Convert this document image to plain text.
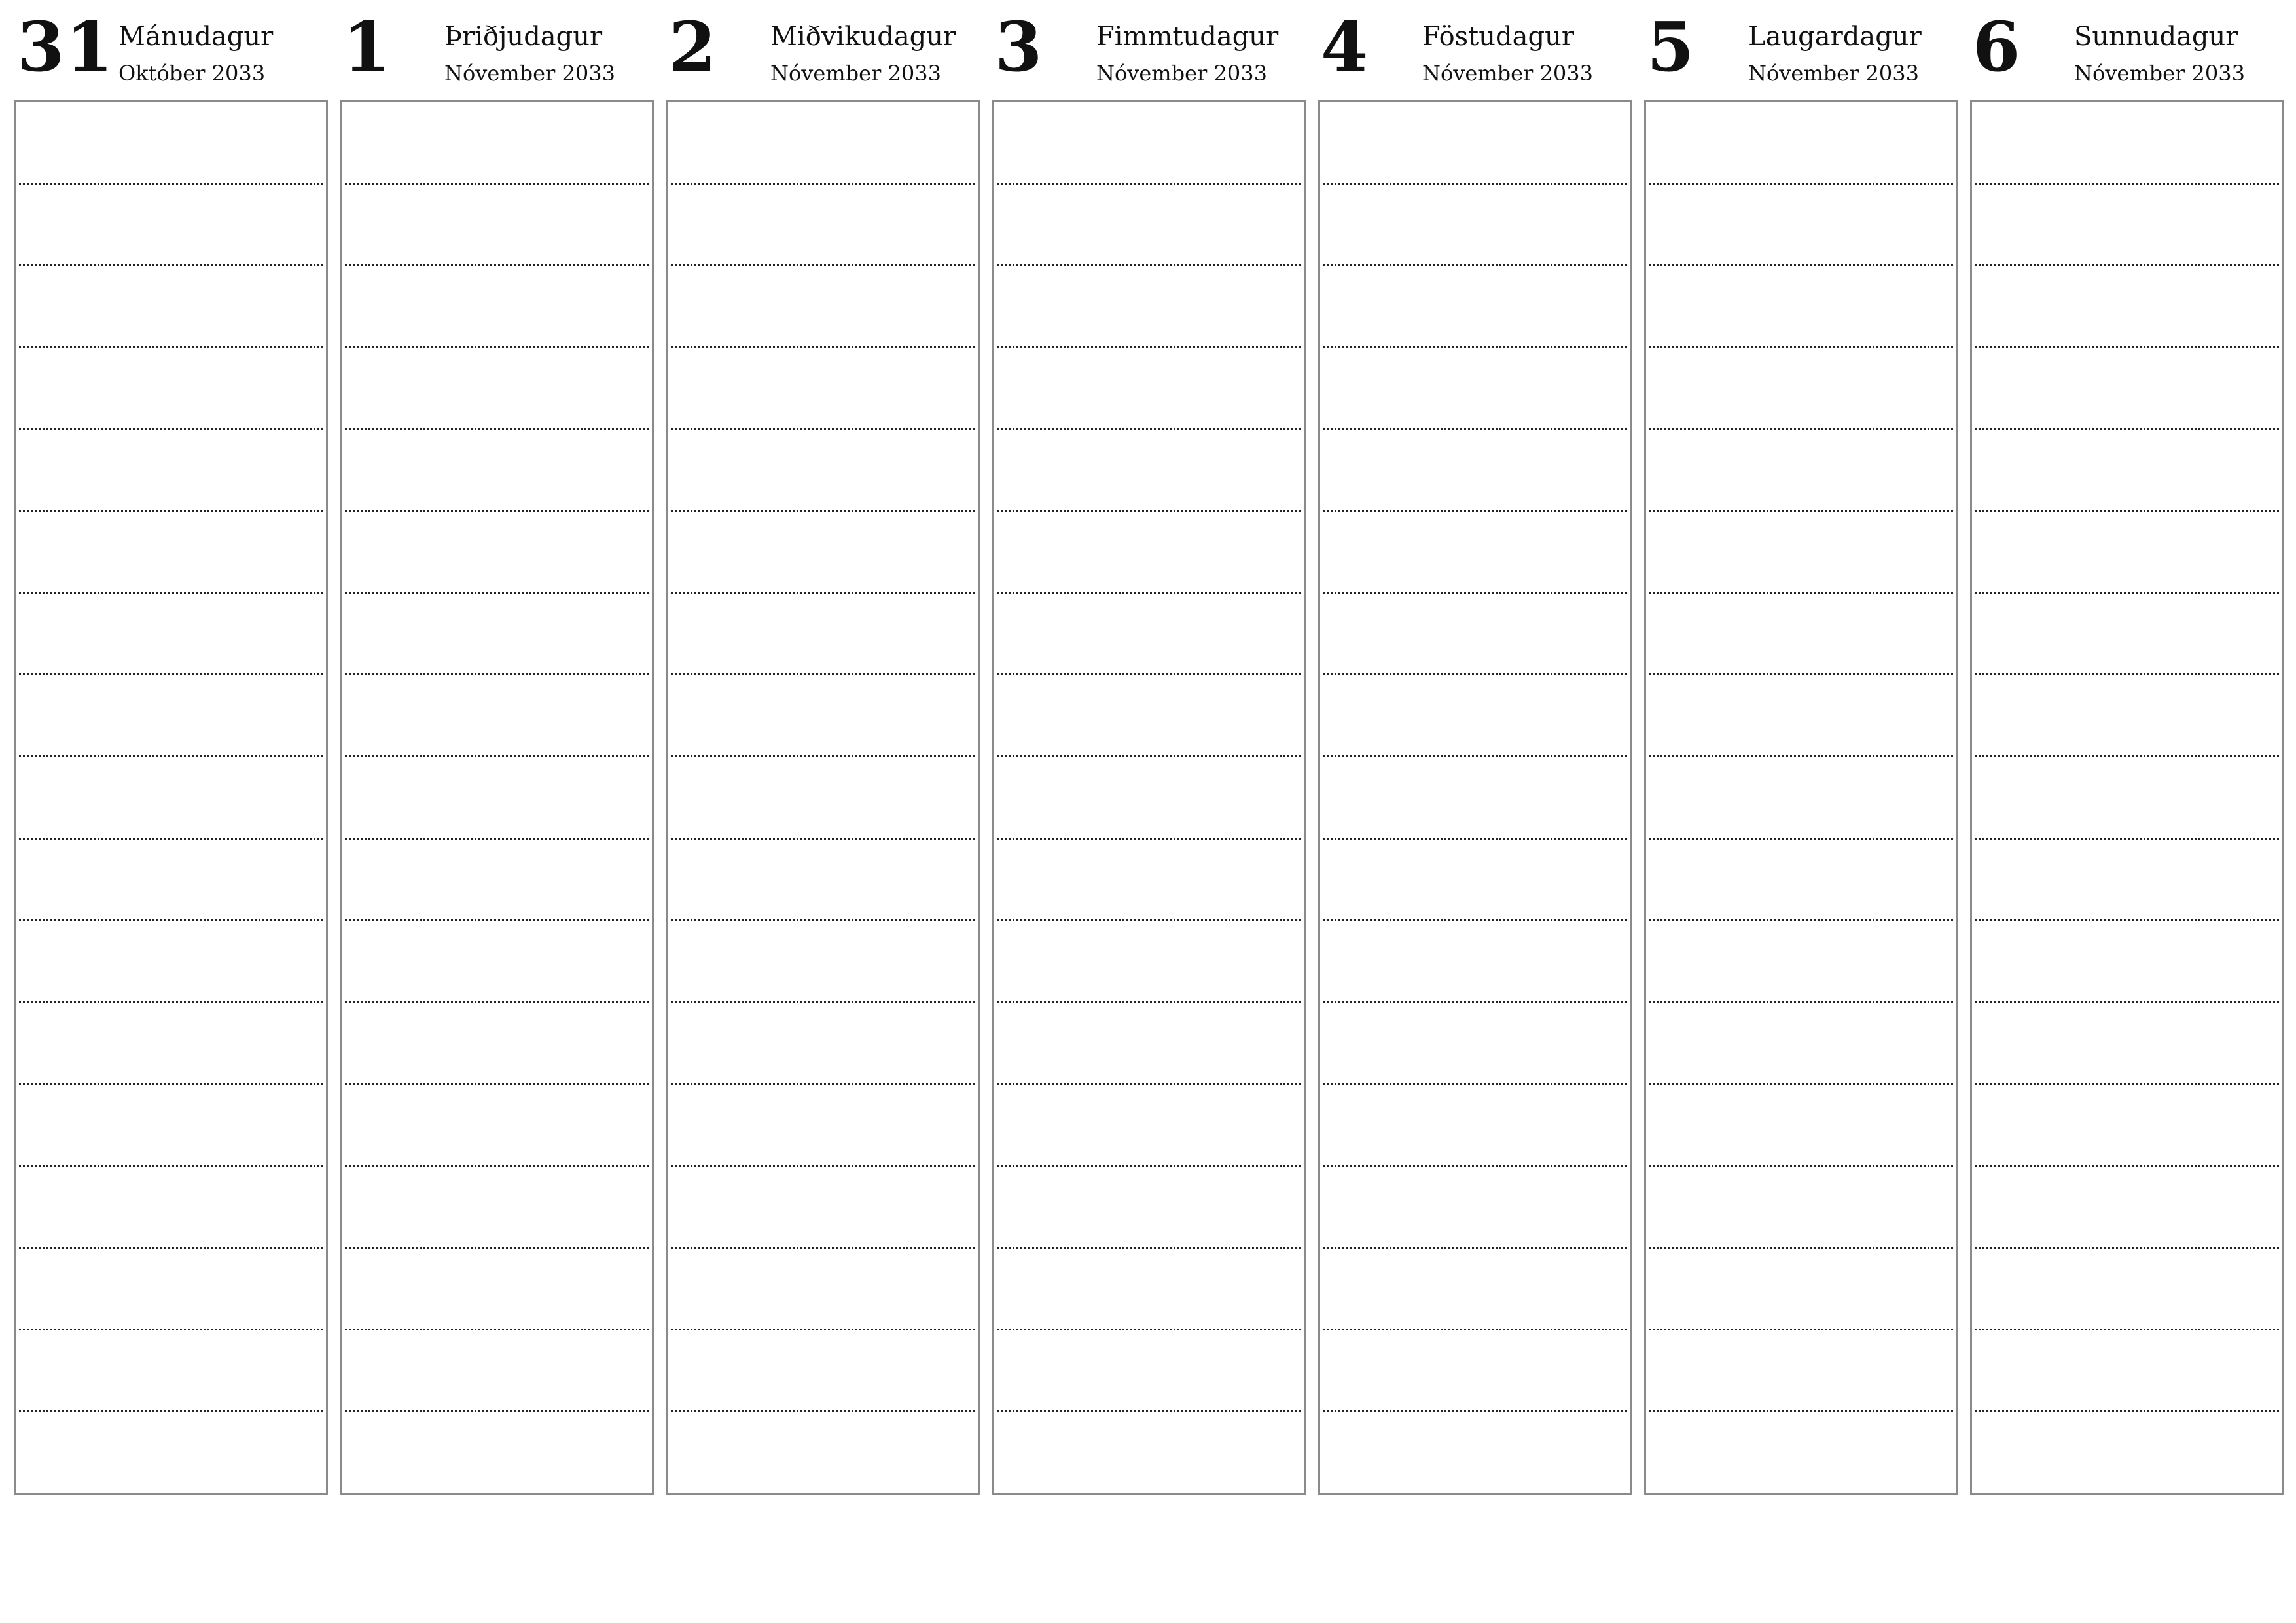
31 Mánudagur
Október 2033 1 Þriðjudagur
Nóvember 2033 2 Miðvikudagur
Nóvember 2033 3 Fimmtudagur
Nóvember 2033 4 Föstudagur
Nóvember 2033 5 Laugardagur
Nóvember 2033 6 Sunnudagur
Nóvember 2033
